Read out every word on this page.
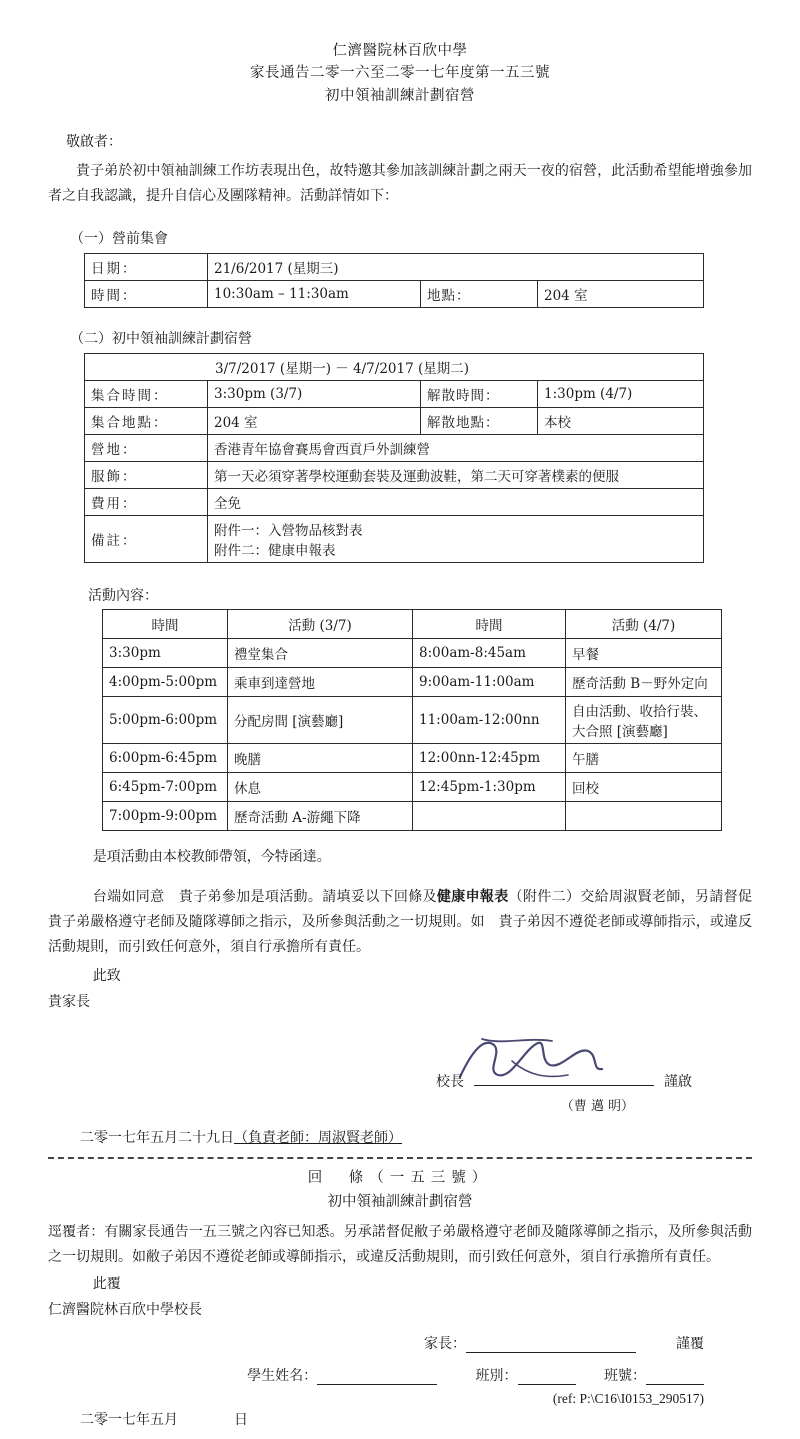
仁濟醫院林百欣中學
家長通告二零一六至二零一七年度第一五三號
初中領袖訓練計劃宿營
敬啟者：
貴子弟於初中領袖訓練工作坊表現出色，故特邀其參加該訓練計劃之兩天一夜的宿營，此活動希望能增強參加者之自我認識，提升自信心及團隊精神。活動詳情如下：
（一）營前集會
日期：	21/6/2017 (星期三)		
時間：	10:30am – 11:30am	地點：	204 室
（二）初中領袖訓練計劃宿營
3/7/2017 (星期一) － 4/7/2017 (星期二)			
集合時間：	3:30pm (3/7)	解散時間：	1:30pm (4/7)
集合地點：	204 室	解散地點：	本校
營地：	香港青年協會賽馬會西貢戶外訓練營		
服飾：	第一天必須穿著學校運動套裝及運動波鞋，第二天可穿著樸素的便服		
費用：	全免		
備註：	附件一：入營物品核對表
附件二：健康申報表		
活動內容：
時間	活動 (3/7)	時間	活動 (4/7)
3:30pm	禮堂集合	8:00am-8:45am	早餐
4:00pm-5:00pm	乘車到達營地	9:00am-11:00am	歷奇活動 B－野外定向
5:00pm-6:00pm	分配房間 [演藝廳]	11:00am-12:00nn	自由活動、收拾行裝、大合照 [演藝廳]
6:00pm-6:45pm	晚膳	12:00nn-12:45pm	午膳
6:45pm-7:00pm	休息	12:45pm-1:30pm	回校
7:00pm-9:00pm	歷奇活動 A-游繩下降		
是項活動由本校教師帶領，今特函達。
台端如同意　貴子弟參加是項活動。請填妥以下回條及健康申報表（附件二）交給周淑賢老師，另請督促　貴子弟嚴格遵守老師及隨隊導師之指示，及所參與活動之一切規則。如　貴子弟因不遵從老師或導師指示，或違反活動規則，而引致任何意外，須自行承擔所有責任。
此致
貴家長
校長	謹啟
（曹 邁 明）
二零一七年五月二十九日（負責老師：周淑賢老師）
回　條（一五三號）
初中領袖訓練計劃宿營
逕覆者：有關家長通告一五三號之內容已知悉。另承諾督促敝子弟嚴格遵守老師及隨隊導師之指示，及所參與活動之一切規則。如敝子弟因不遵從老師或導師指示，或違反活動規則，而引致任何意外，須自行承擔所有責任。
此覆
仁濟醫院林百欣中學校長
家長：	謹覆
學生姓名：	班別：	班號：
(ref: P:\C16\I0153_290517)
二零一七年五月　　　　日
